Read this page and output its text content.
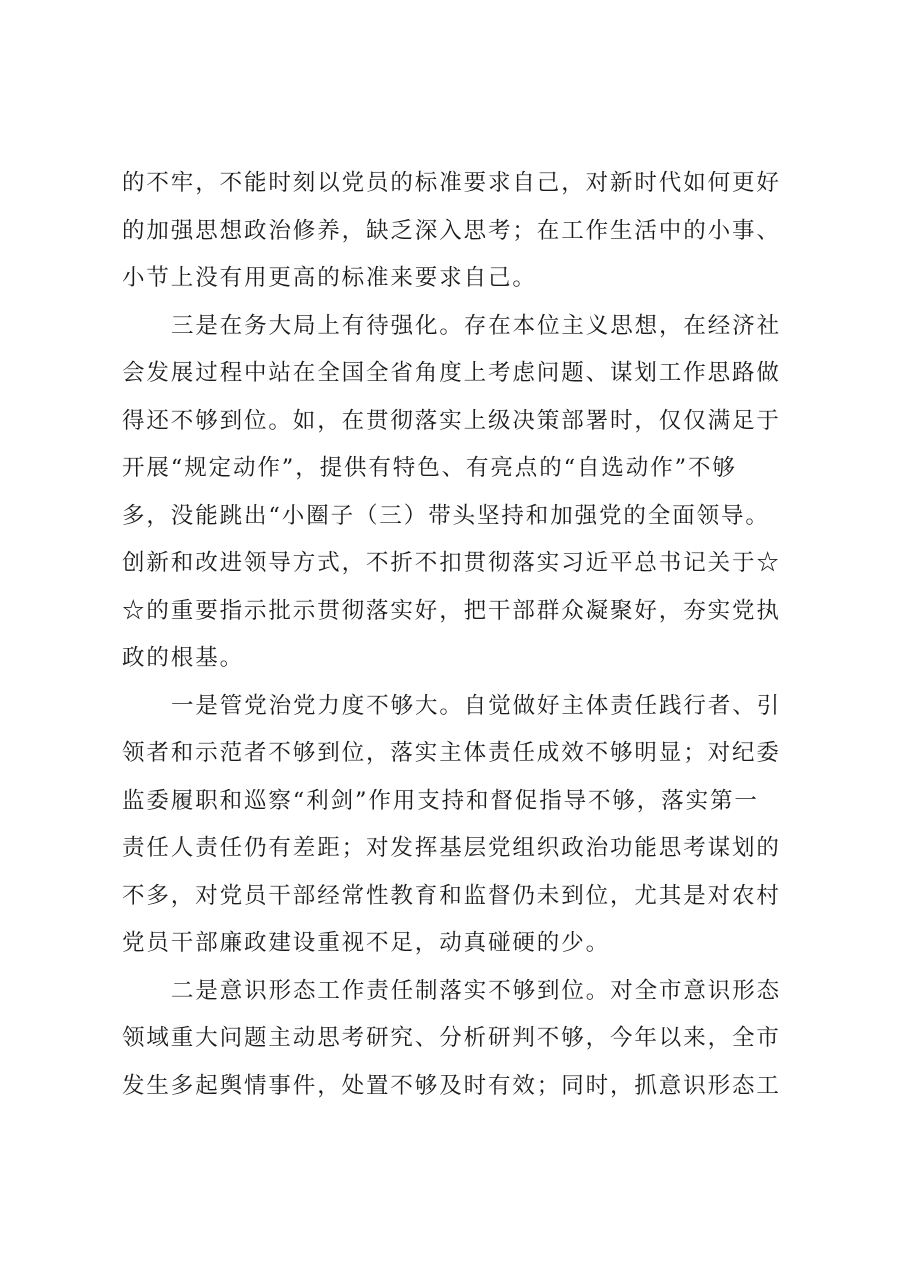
的不牢，不能时刻以党员的标准要求自己，对新时代如何更好
的加强思想政治修养，缺乏深入思考；在工作生活中的小事、
小节上没有用更高的标准来要求自己。

三是在务大局上有待强化。存在本位主义思想，在经济社
会发展过程中站在全国全省角度上考虑问题、谋划工作思路做
得还不够到位。如，在贯彻落实上级决策部署时，仅仅满足于
开展“规定动作”，提供有特色、有亮点的“自选动作”不够
多，没能跳出“小圈子（三）带头坚持和加强党的全面领导。
创新和改进领导方式，不折不扣贯彻落实习近平总书记关于☆
☆的重要指示批示贯彻落实好，把干部群众凝聚好，夯实党执
政的根基。

一是管党治党力度不够大。自觉做好主体责任践行者、引
领者和示范者不够到位，落实主体责任成效不够明显；对纪委
监委履职和巡察“利剑”作用支持和督促指导不够，落实第一
责任人责任仍有差距；对发挥基层党组织政治功能思考谋划的
不多，对党员干部经常性教育和监督仍未到位，尤其是对农村
党员干部廉政建设重视不足，动真碰硬的少。

二是意识形态工作责任制落实不够到位。对全市意识形态
领域重大问题主动思考研究、分析研判不够，今年以来，全市
发生多起舆情事件，处置不够及时有效；同时，抓意识形态工
